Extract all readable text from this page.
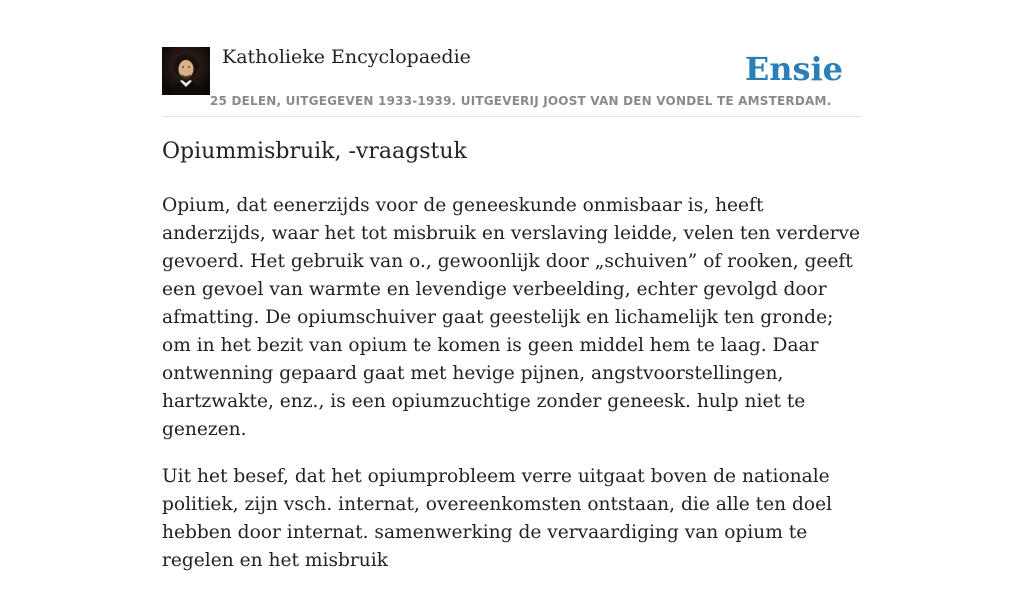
Katholieke Encyclopaedie
25 DELEN, UITGEGEVEN 1933-1939. UITGEVERIJ JOOST VAN DEN VONDEL TE AMSTERDAM.
Ensie
Opiummisbruik, -vraagstuk

Opium, dat eenerzijds voor de geneeskunde onmisbaar is, heeft anderzijds, waar het tot misbruik en verslaving leidde, velen ten verderve gevoerd. Het gebruik van o., gewoonlijk door „schuiven” of rooken, geeft een gevoel van warmte en levendige verbeelding, echter gevolgd door afmatting. De opiumschuiver gaat geestelijk en lichamelijk ten gronde; om in het bezit van opium te komen is geen middel hem te laag. Daar ontwenning gepaard gaat met hevige pijnen, angstvoorstellingen, hartzwakte, enz., is een opiumzuchtige zonder geneesk. hulp niet te genezen.

Uit het besef, dat het opiumprobleem verre uitgaat boven de nationale politiek, zijn vsch. internat, overeenkomsten ontstaan, die alle ten doel hebben door internat. samenwerking de vervaardiging van opium te regelen en het misbruik
